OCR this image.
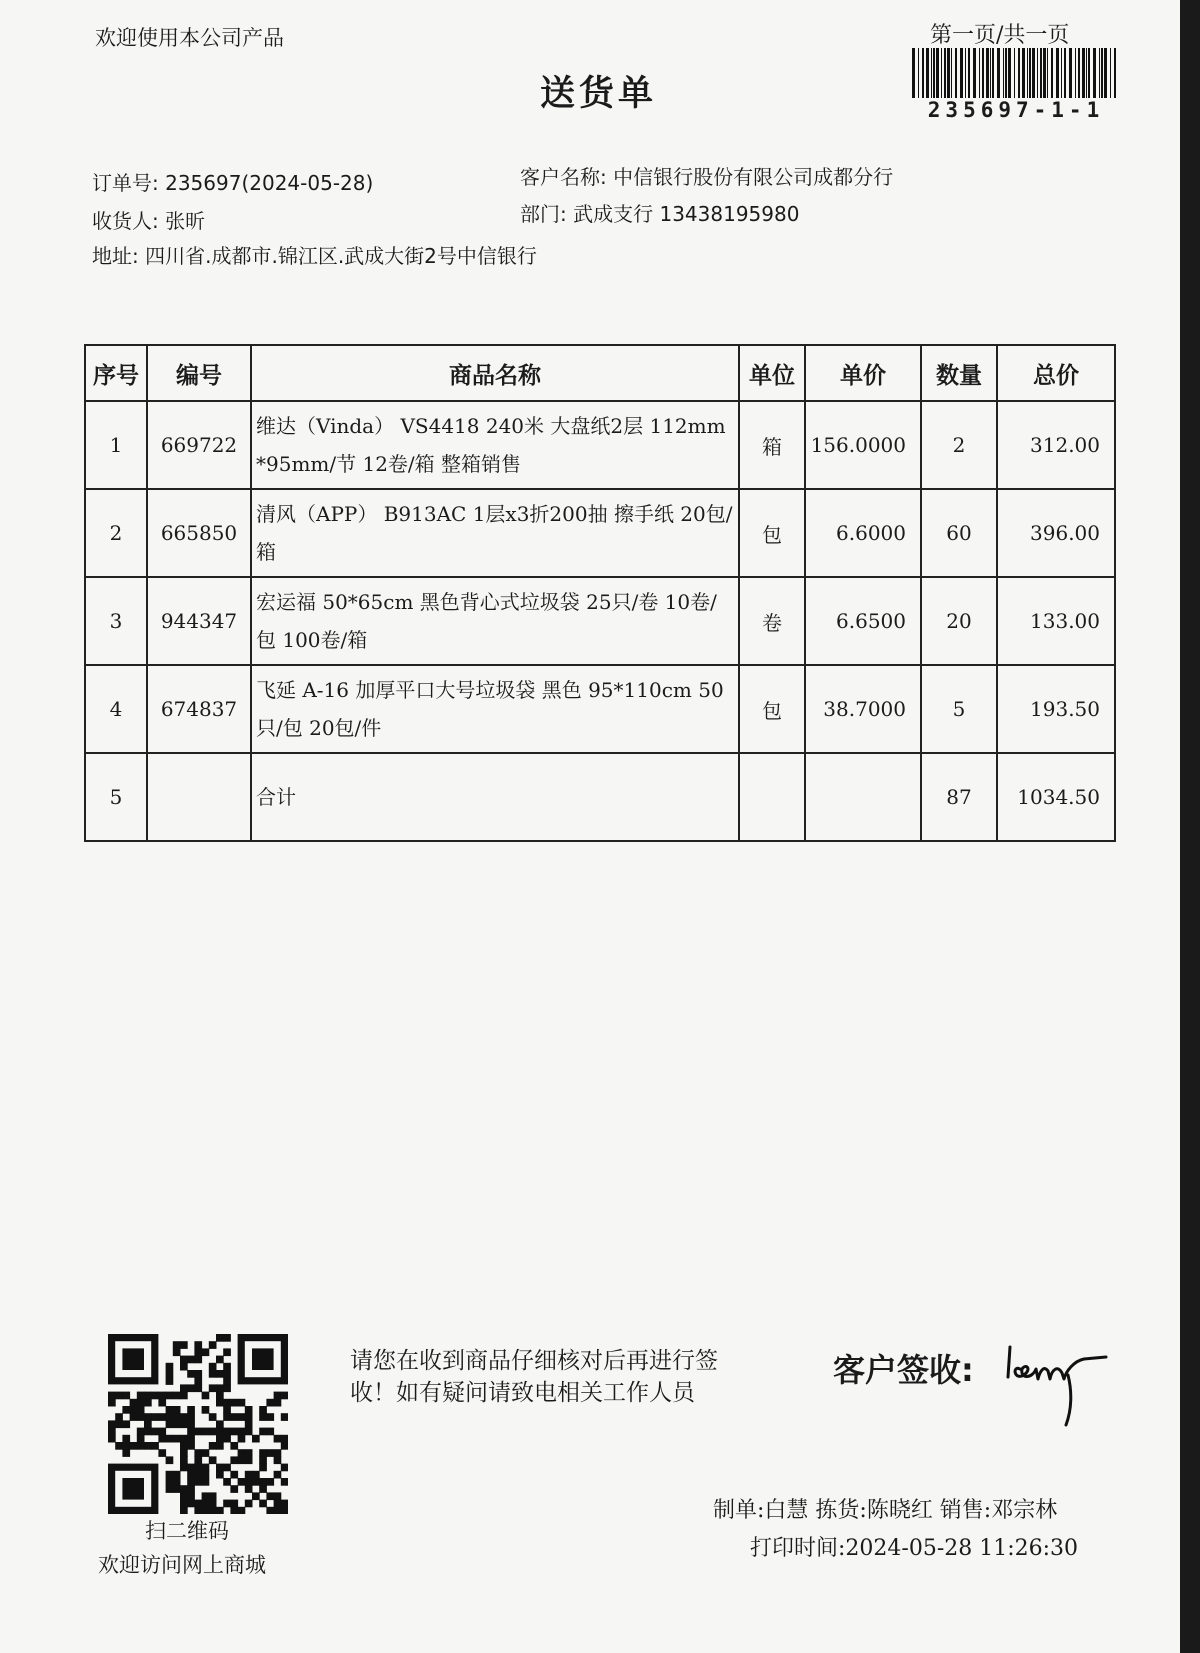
欢迎使用本公司产品
送货单
第一页/共一页
235697-1-1
订单号: 235697(2024-05-28)
收货人: 张昕
地址: 四川省.成都市.锦江区.武成大街2号中信银行
客户名称: 中信银行股份有限公司成都分行
部门: 武成支行 13438195980
序号	编号	商品名称	单位	单价	数量	总价
1	669722	维达（Vinda） VS4418 240米 大盘纸2层 112mm*95mm/节 12卷/箱 整箱销售	箱	156.0000	2	312.00
2	665850	清风（APP） B913AC 1层x3折200抽 擦手纸 20包/箱	包	6.6000	60	396.00
3	944347	宏运福 50*65cm 黑色背心式垃圾袋 25只/卷 10卷/包 100卷/箱	卷	6.6500	20	133.00
4	674837	飞延 A-16 加厚平口大号垃圾袋 黑色 95*110cm 50只/包 20包/件	包	38.7000	5	193.50
5		合计			87	1034.50
扫二维码
欢迎访问网上商城
请您在收到商品仔细核对后再进行签
收！如有疑问请致电相关工作人员
客户签收:
制单:白慧 拣货:陈晓红 销售:邓宗林
打印时间:2024-05-28 11:26:30
